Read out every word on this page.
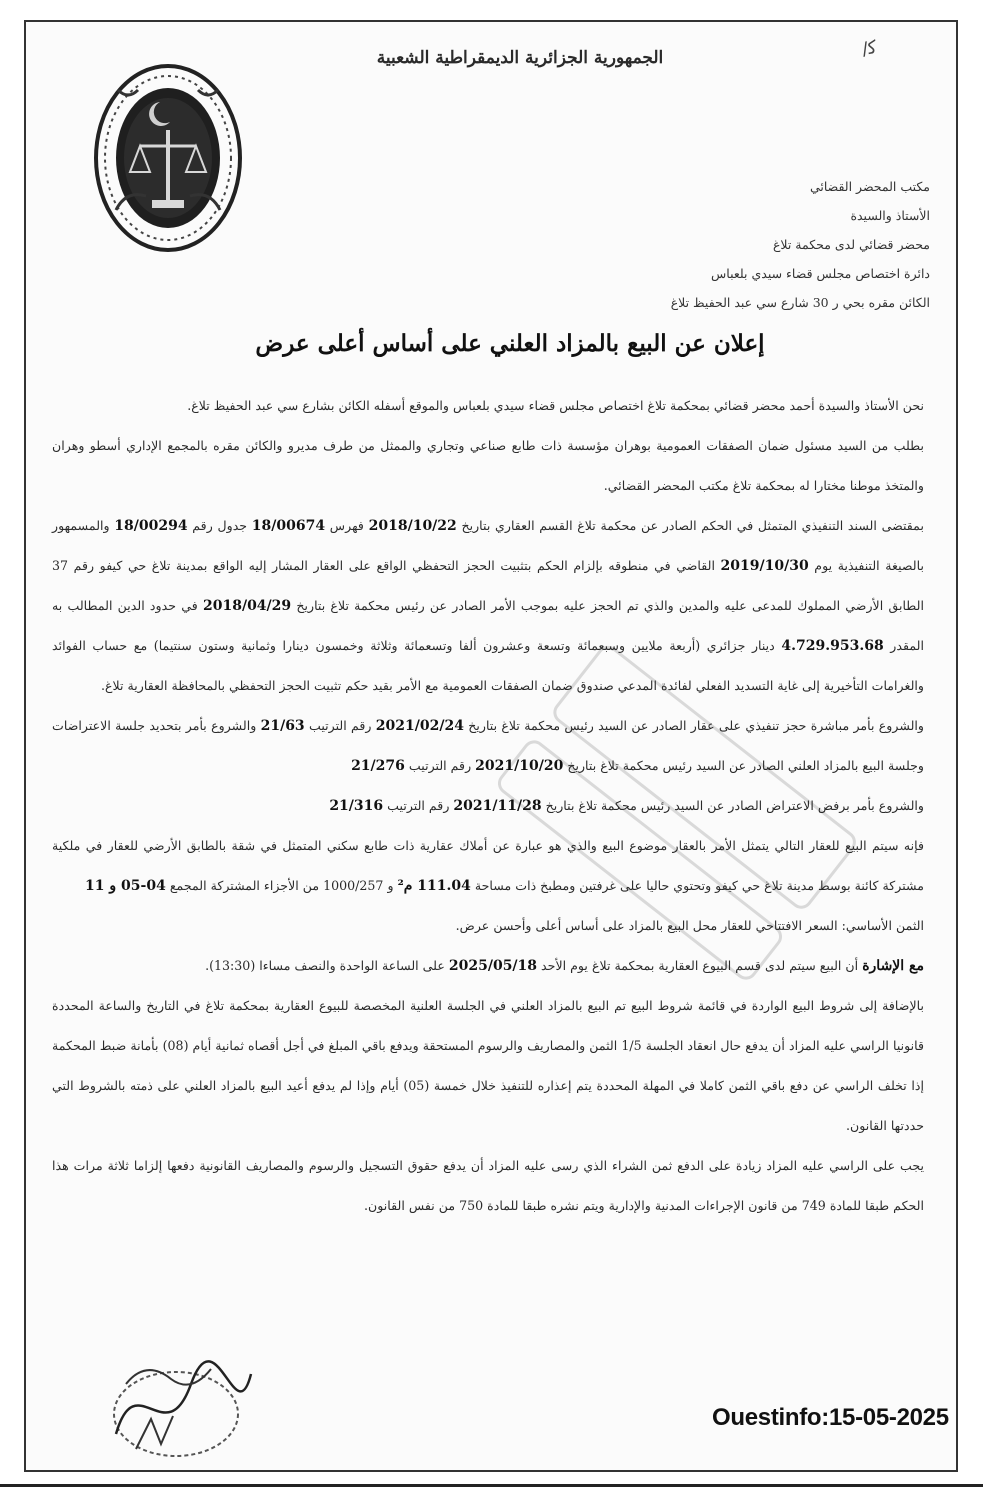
ﮐ/
الجمهورية الجزائرية الديمقراطية الشعبية
مكتب المحضر القضائي
الأستاذ والسيدة
محضر قضائي لدى محكمة تلاغ
دائرة اختصاص مجلس قضاء سيدي بلعباس
الكائن مقره بحي ر 30 شارع سي عبد الحفيظ تلاغ
إعلان عن البيع بالمزاد العلني على أساس أعلى عرض

نحن الأستاذ والسيدة أحمد محضر قضائي بمحكمة تلاغ اختصاص مجلس قضاء سيدي بلعباس والموقع أسفله الكائن بشارع سي عبد الحفيظ تلاغ.

بطلب من السيد مسئول ضمان الصفقات العمومية بوهران مؤسسة ذات طابع صناعي وتجاري والممثل من طرف مديرو والكائن مقره بالمجمع الإداري أسطو وهران والمتخذ موطنا مختارا له بمحكمة تلاغ مكتب المحضر القضائي.

بمقتضى السند التنفيذي المتمثل في الحكم الصادر عن محكمة تلاغ القسم العقاري بتاريخ 2018/10/22 فهرس 18/00674 جدول رقم 18/00294 والمسمهور بالصيغة التنفيذية يوم 2019/10/30 القاضي في منطوقه بإلزام الحكم بتثبيت الحجز التحفظي الواقع على العقار المشار إليه الواقع بمدينة تلاغ حي كيفو رقم 37 الطابق الأرضي المملوك للمدعى عليه والمدين والذي تم الحجز عليه بموجب الأمر الصادر عن رئيس محكمة تلاغ بتاريخ 2018/04/29 في حدود الدين المطالب به المقدر 4.729.953.68 دينار جزائري (أربعة ملايين وسبعمائة وتسعة وعشرون ألفا وتسعمائة وثلاثة وخمسون دينارا وثمانية وستون سنتيما) مع حساب الفوائد والغرامات التأخيرية إلى غاية التسديد الفعلي لفائدة المدعي صندوق ضمان الصفقات العمومية مع الأمر بقيد حكم تثبيت الحجز التحفظي بالمحافظة العقارية تلاغ.

والشروع بأمر مباشرة حجز تنفيذي على عقار الصادر عن السيد رئيس محكمة تلاغ بتاريخ 2021/02/24 رقم الترتيب 21/63 والشروع بأمر بتحديد جلسة الاعتراضات وجلسة البيع بالمزاد العلني الصادر عن السيد رئيس محكمة تلاغ بتاريخ 2021/10/20 رقم الترتيب 21/276

والشروع بأمر برفض الاعتراض الصادر عن السيد رئيس محكمة تلاغ بتاريخ 2021/11/28 رقم الترتيب 21/316

فإنه سيتم البيع للعقار التالي يتمثل الأمر بالعقار موضوع البيع والذي هو عبارة عن أملاك عقارية ذات طابع سكني المتمثل في شقة بالطابق الأرضي للعقار في ملكية مشتركة كائنة بوسط مدينة تلاغ حي كيفو وتحتوي حاليا على غرفتين ومطبخ ذات مساحة 111.04 م² و 1000/257 من الأجزاء المشتركة المجمع 04-05 و 11

الثمن الأساسي: السعر الافتتاحي للعقار محل البيع بالمزاد على أساس أعلى وأحسن عرض.

مع الإشارة أن البيع سيتم لدى قسم البيوع العقارية بمحكمة تلاغ يوم الأحد 2025/05/18 على الساعة الواحدة والنصف مساءا (13:30).

بالإضافة إلى شروط البيع الواردة في قائمة شروط البيع تم البيع بالمزاد العلني في الجلسة العلنية المخصصة للبيوع العقارية بمحكمة تلاغ في التاريخ والساعة المحددة قانونيا الراسي عليه المزاد أن يدفع حال انعقاد الجلسة 1/5 الثمن والمصاريف والرسوم المستحقة ويدفع باقي المبلغ في أجل أقصاه ثمانية أيام (08) بأمانة ضبط المحكمة إذا تخلف الراسي عن دفع باقي الثمن كاملا في المهلة المحددة يتم إعذاره للتنفيذ خلال خمسة (05) أيام وإذا لم يدفع أعيد البيع بالمزاد العلني على ذمته بالشروط التي حددتها القانون.

يجب على الراسي عليه المزاد زيادة على الدفع ثمن الشراء الذي رسى عليه المزاد أن يدفع حقوق التسجيل والرسوم والمصاريف القانونية دفعها إلزاما ثلاثة مرات هذا الحكم طبقا للمادة 749 من قانون الإجراءات المدنية والإدارية ويتم نشره طبقا للمادة 750 من نفس القانون.

Ouestinfo:15-05-2025
